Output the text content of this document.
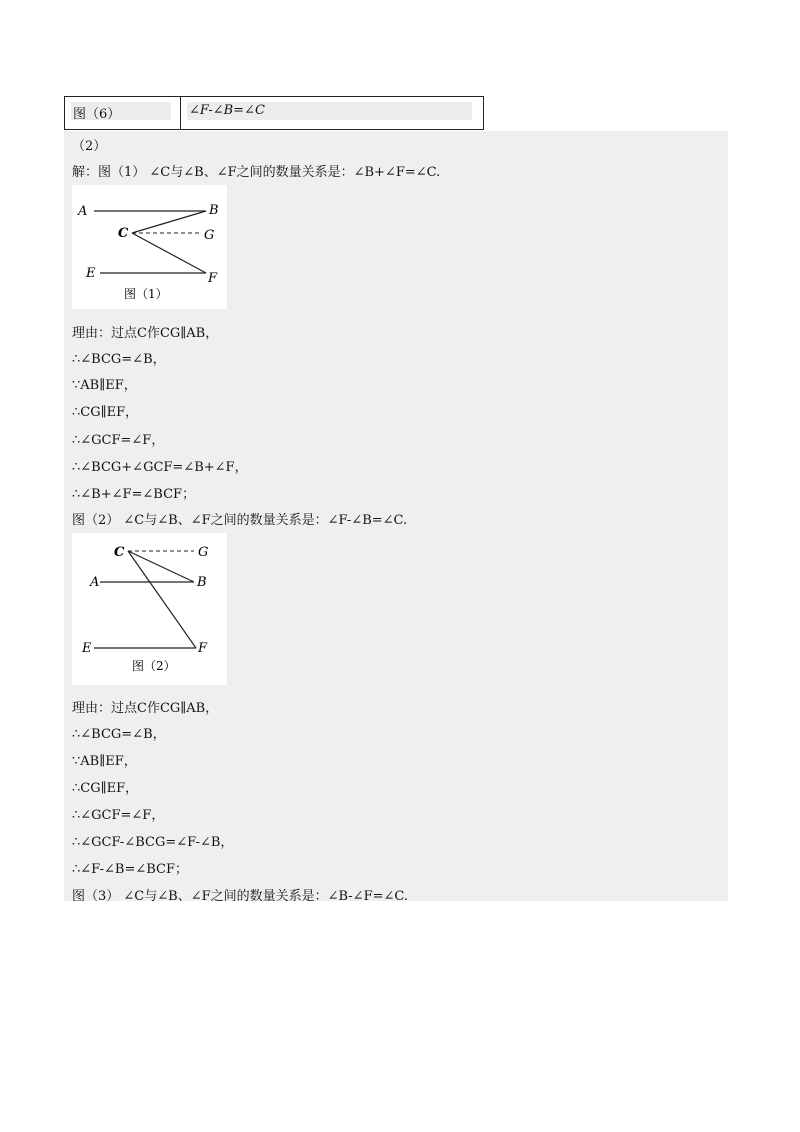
图（6）	∠F-∠B=∠C
（2）
解：图（1） ∠C与∠B、∠F之间的数量关系是：∠B+∠F=∠C.
A	B
C	G
E	F
图（1）
理由：过点C作CG∥AB，
∴∠BCG=∠B，
∵AB∥EF，
∴CG∥EF，
∴∠GCF=∠F，
∴∠BCG+∠GCF=∠B+∠F，
∴∠B+∠F=∠BCF；
图（2） ∠C与∠B、∠F之间的数量关系是：∠F-∠B=∠C.
C	G
A	B
E	F
图（2）
理由：过点C作CG∥AB，
∴∠BCG=∠B，
∵AB∥EF，
∴CG∥EF，
∴∠GCF=∠F，
∴∠GCF-∠BCG=∠F-∠B，
∴∠F-∠B=∠BCF；
图（3） ∠C与∠B、∠F之间的数量关系是：∠B-∠F=∠C.
